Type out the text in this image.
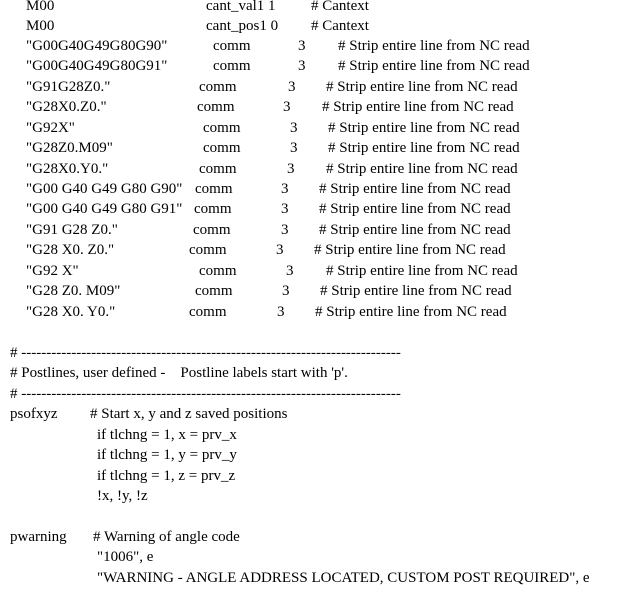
M00	cant_val1 1 # Cantext
M00	cant_pos1 0 # Cantext
"G00G40G49G80G90"	comm	3 # Strip entire line from NC read
"G00G40G49G80G91"	comm	3 # Strip entire line from NC read
"G91G28Z0."	comm	3 # Strip entire line from NC read
"G28X0.Z0."	comm	3 # Strip entire line from NC read
"G92X"	comm	3 # Strip entire line from NC read
"G28Z0.M09"	comm	3 # Strip entire line from NC read
"G28X0.Y0."	comm	3 # Strip entire line from NC read
"G00 G40 G49 G80 G90" comm	3 # Strip entire line from NC read
"G00 G40 G49 G80 G91" comm	3 # Strip entire line from NC read
"G91 G28 Z0."	comm	3 # Strip entire line from NC read
"G28 X0. Z0."	comm	3 # Strip entire line from NC read
"G92 X"	comm	3 # Strip entire line from NC read
"G28 Z0. M09"	comm	3 # Strip entire line from NC read
"G28 X0. Y0."	comm	3 # Strip entire line from NC read
# ----------------------------------------------------------------------------
# Postlines, user defined -    Postline labels start with 'p'.
# ----------------------------------------------------------------------------
psofxyz # Start x, y and z saved positions
if tlchng = 1, x = prv_x
if tlchng = 1, y = prv_y
if tlchng = 1, z = prv_z
!x, !y, !z
pwarning # Warning of angle code
"1006", e
"WARNING - ANGLE ADDRESS LOCATED, CUSTOM POST REQUIRED", e
